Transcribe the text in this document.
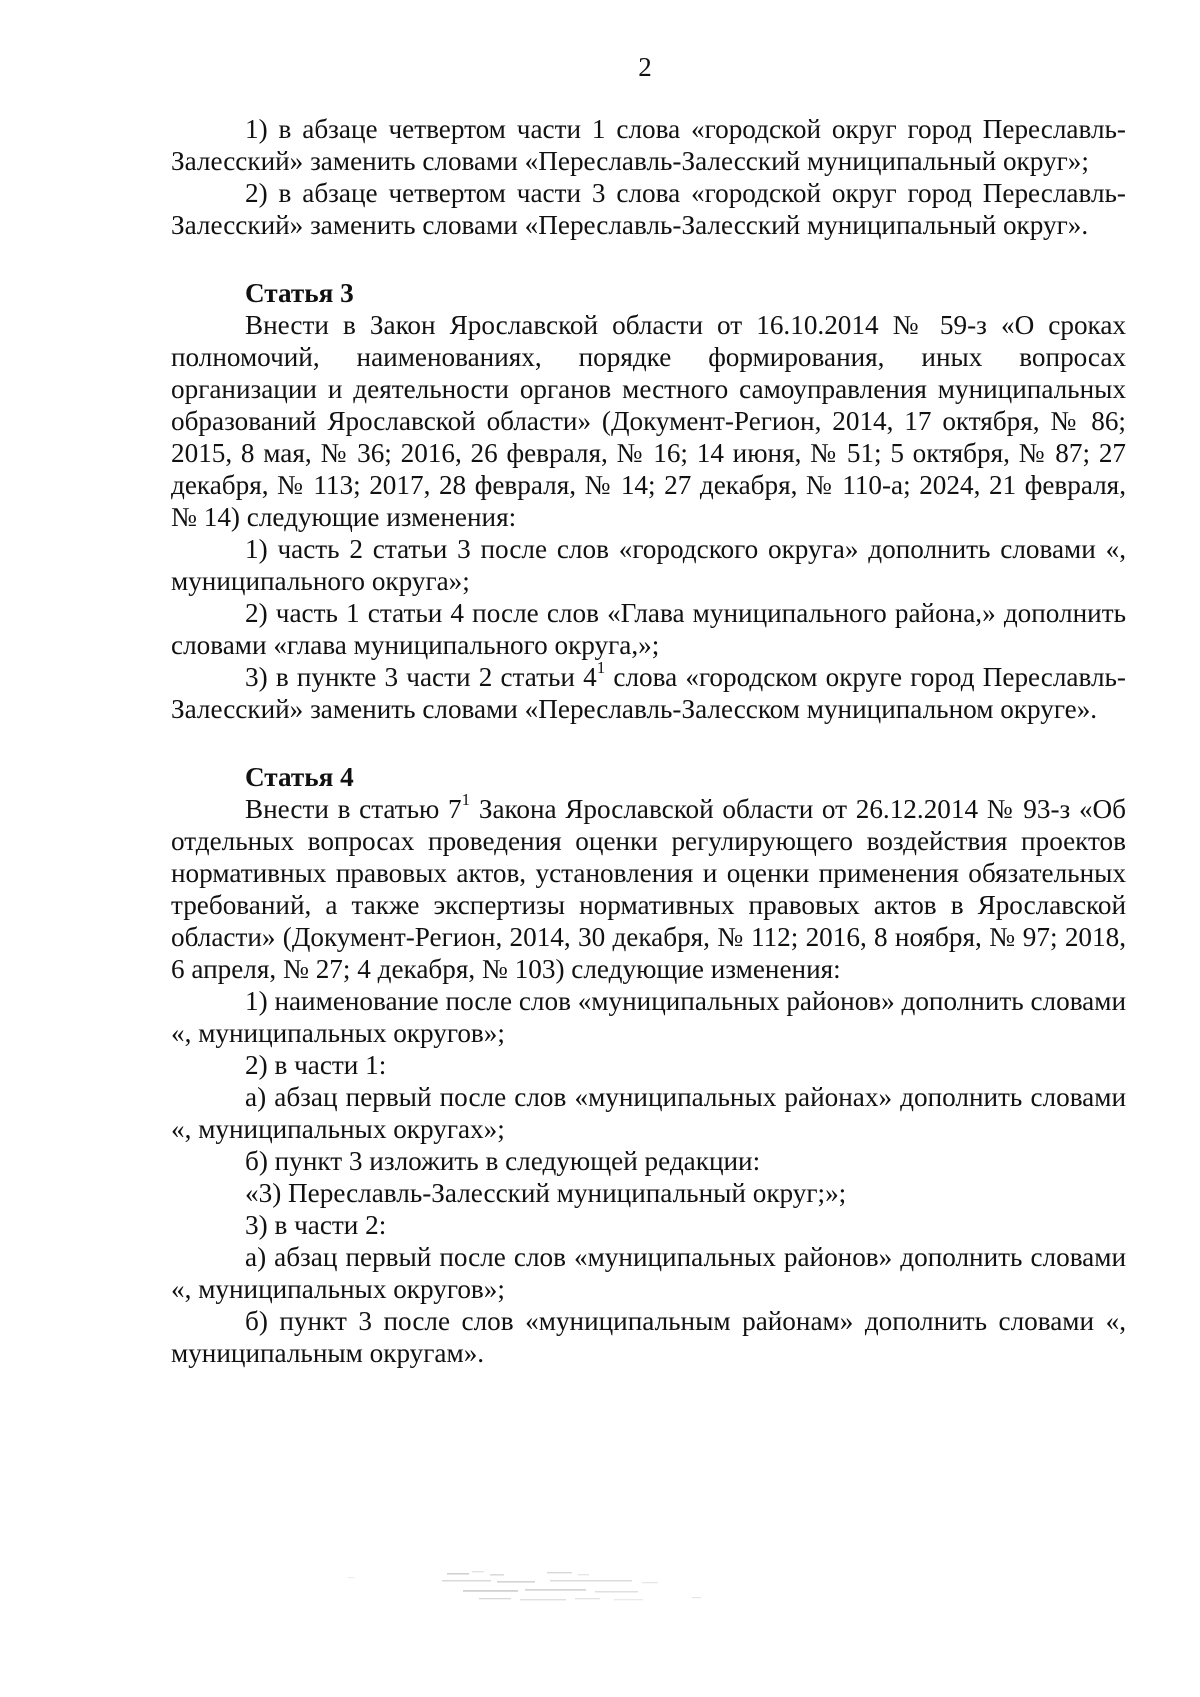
2

1) в абзаце четвертом части 1 слова «городской округ город Переславль-Залесский» заменить словами «Переславль-Залесский муниципальный округ»;

2) в абзаце четвертом части 3 слова «городской округ город Переславль-Залесский» заменить словами «Переславль-Залесский муниципальный округ».

Статья 3

Внести в Закон Ярославской области от 16.10.2014 № 59-з «О сроках полномочий, наименованиях, порядке формирования, иных вопросах организации и деятельности органов местного самоуправления муниципальных образований Ярославской области» (Документ-Регион, 2014, 17 октября, № 86; 2015, 8 мая, № 36; 2016, 26 февраля, № 16; 14 июня, № 51; 5 октября, № 87; 27 декабря, № 113; 2017, 28 февраля, № 14; 27 декабря, № 110-а; 2024, 21 февраля, № 14) следующие изменения:

1) часть 2 статьи 3 после слов «городского округа» дополнить словами «, муниципального округа»;

2) часть 1 статьи 4 после слов «Глава муниципального района,» дополнить словами «глава муниципального округа,»;

3) в пункте 3 части 2 статьи $4^1$ слова «городском округе город Переславль-Залесский» заменить словами «Переславль-Залесском муниципальном округе».

Статья 4

Внести в статью $7^1$ Закона Ярославской области от 26.12.2014 № 93-з «Об отдельных вопросах проведения оценки регулирующего воздействия проектов нормативных правовых актов, установления и оценки применения обязательных требований, а также экспертизы нормативных правовых актов в Ярославской области» (Документ-Регион, 2014, 30 декабря, № 112; 2016, 8 ноября, № 97; 2018, 6 апреля, № 27; 4 декабря, № 103) следующие изменения:

1) наименование после слов «муниципальных районов» дополнить словами «, муниципальных округов»;

2) в части 1:

а) абзац первый после слов «муниципальных районах» дополнить словами «, муниципальных округах»;

б) пункт 3 изложить в следующей редакции:

«3) Переславль-Залесский муниципальный округ;»;

3) в части 2:

а) абзац первый после слов «муниципальных районов» дополнить словами «, муниципальных округов»;

б) пункт 3 после слов «муниципальным районам» дополнить словами «, муниципальным округам».
